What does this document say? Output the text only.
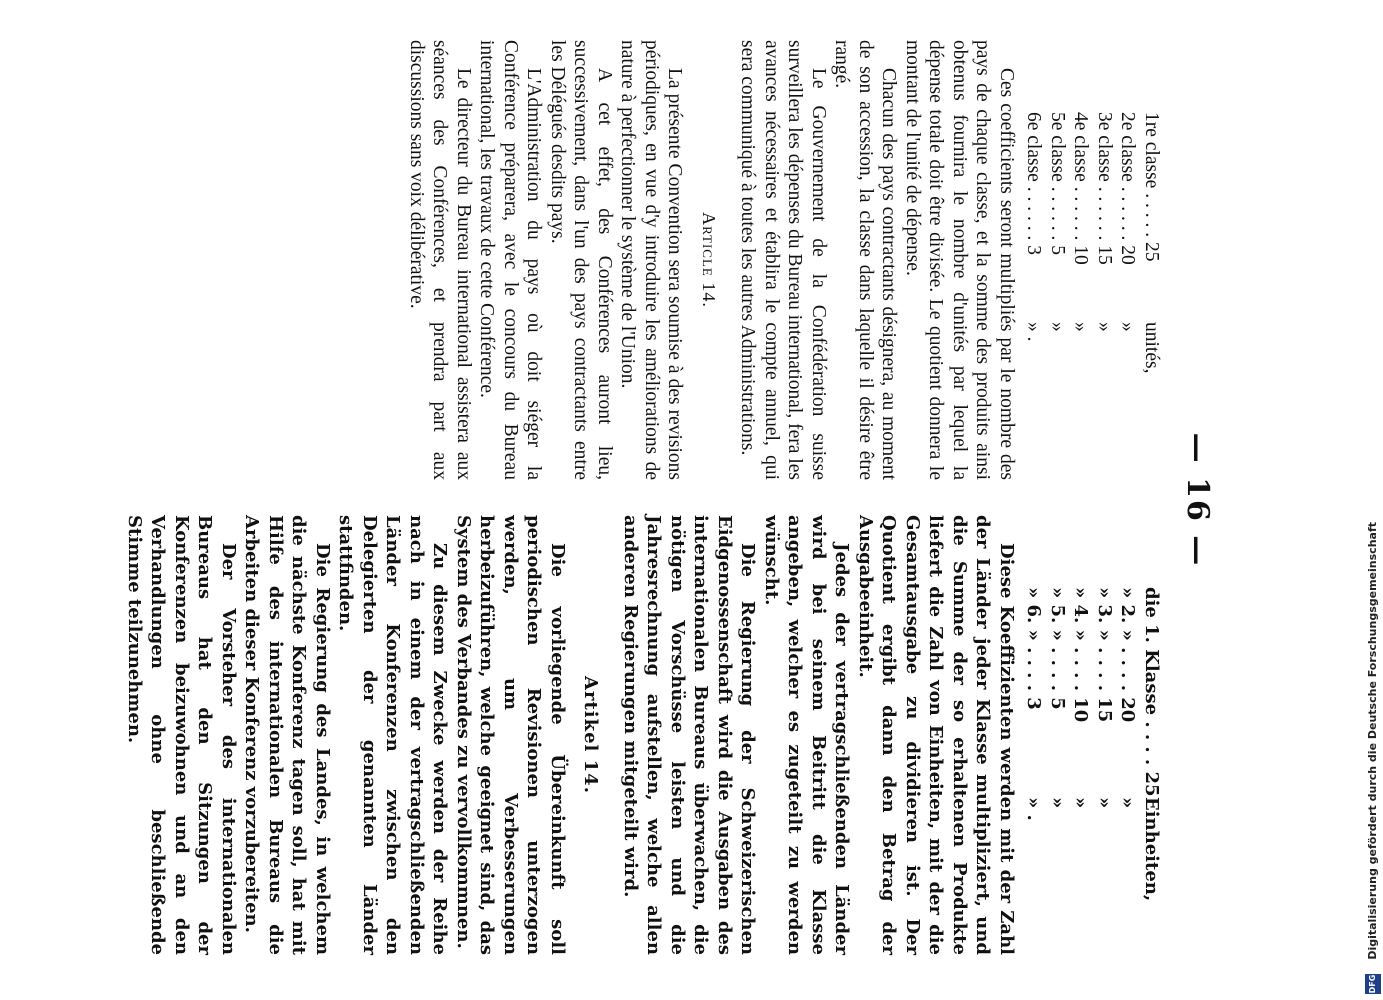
— 16 —
1re classe . . . . . 25
unités,
2e classe . . . . . . 20
»
3e classe . . . . . . 15
»
4e classe . . . . . . 10
»
5e classe . . . . . . 5
»
6e classe . . . . . . 3
» .

Ces coefficients seront multipliés par le nombre des pays de chaque classe, et la somme des produits ainsi obtenus fournira le nombre d'unités par lequel la dépense totale doit être divisée. Le quotient donnera le montant de l'unité de dépense.

Chacun des pays contractants désignera, au moment de son accession, la classe dans laquelle il désire être rangé.

Le Gouvernement de la Confédération suisse surveillera les dépenses du Bureau international, fera les avances nécessaires et établira le compte annuel, qui sera communiqué à toutes les autres Administrations.

Article 14.

La présente Convention sera soumise à des revisions périodiques, en vue d'y introduire les améliorations de nature à perfectionner le système de l'Union.

A cet effet, des Conférences auront lieu, successivement, dans l'un des pays contractants entre les Délégués desdits pays.

L'Administration du pays où doit siéger la Conférence préparera, avec le concours du Bureau international, les travaux de cette Conférence.

Le directeur du Bureau international assistera aux séances des Conférences, et prendra part aux discussions sans voix délibérative.

die 1. Klasse . . . . 25
Einheiten,
» 2. » . . . . 20
»
» 3. » . . . . 15
»
» 4. » . . . . 10
»
» 5. » . . . . 5
»
» 6. » . . . . 3
» .

Diese Koeffizienten werden mit der Zahl der Länder jeder Klasse multipliziert, und die Summe der so erhaltenen Produkte liefert die Zahl von Einheiten, mit der die Gesamtausgabe zu dividieren ist. Der Quotient ergibt dann den Betrag der Ausgabeeinheit.

Jedes der vertragschließenden Länder wird bei seinem Beitritt die Klasse angeben, welcher es zugeteilt zu werden wünscht.

Die Regierung der Schweizerischen Eidgenossenschaft wird die Ausgaben des internationalen Bureaus überwachen, die nötigen Vorschüsse leisten und die Jahresrechnung aufstellen, welche allen anderen Regierungen mitgeteilt wird.

Artikel 14.

Die vorliegende Übereinkunft soll periodischen Revisionen unterzogen werden, um Verbesserungen herbeizuführen, welche geeignet sind, das System des Verbandes zu vervollkommnen.

Zu diesem Zwecke werden der Reihe nach in einem der vertragschließenden Länder Konferenzen zwischen den Delegierten der genannten Länder stattfinden.

Die Regierung des Landes, in welchem die nächste Konferenz tagen soll, hat mit Hilfe des internationalen Bureaus die Arbeiten dieser Konferenz vorzubereiten.

Der Vorsteher des internationalen Bureaus hat den Sitzungen der Konferenzen beizuwohnen und an den Verhandlungen ohne beschließende Stimme teilzunehmen.	Digitalisierung gefördert durch die Deutsche Forschungsgemeinschaft
DFG
